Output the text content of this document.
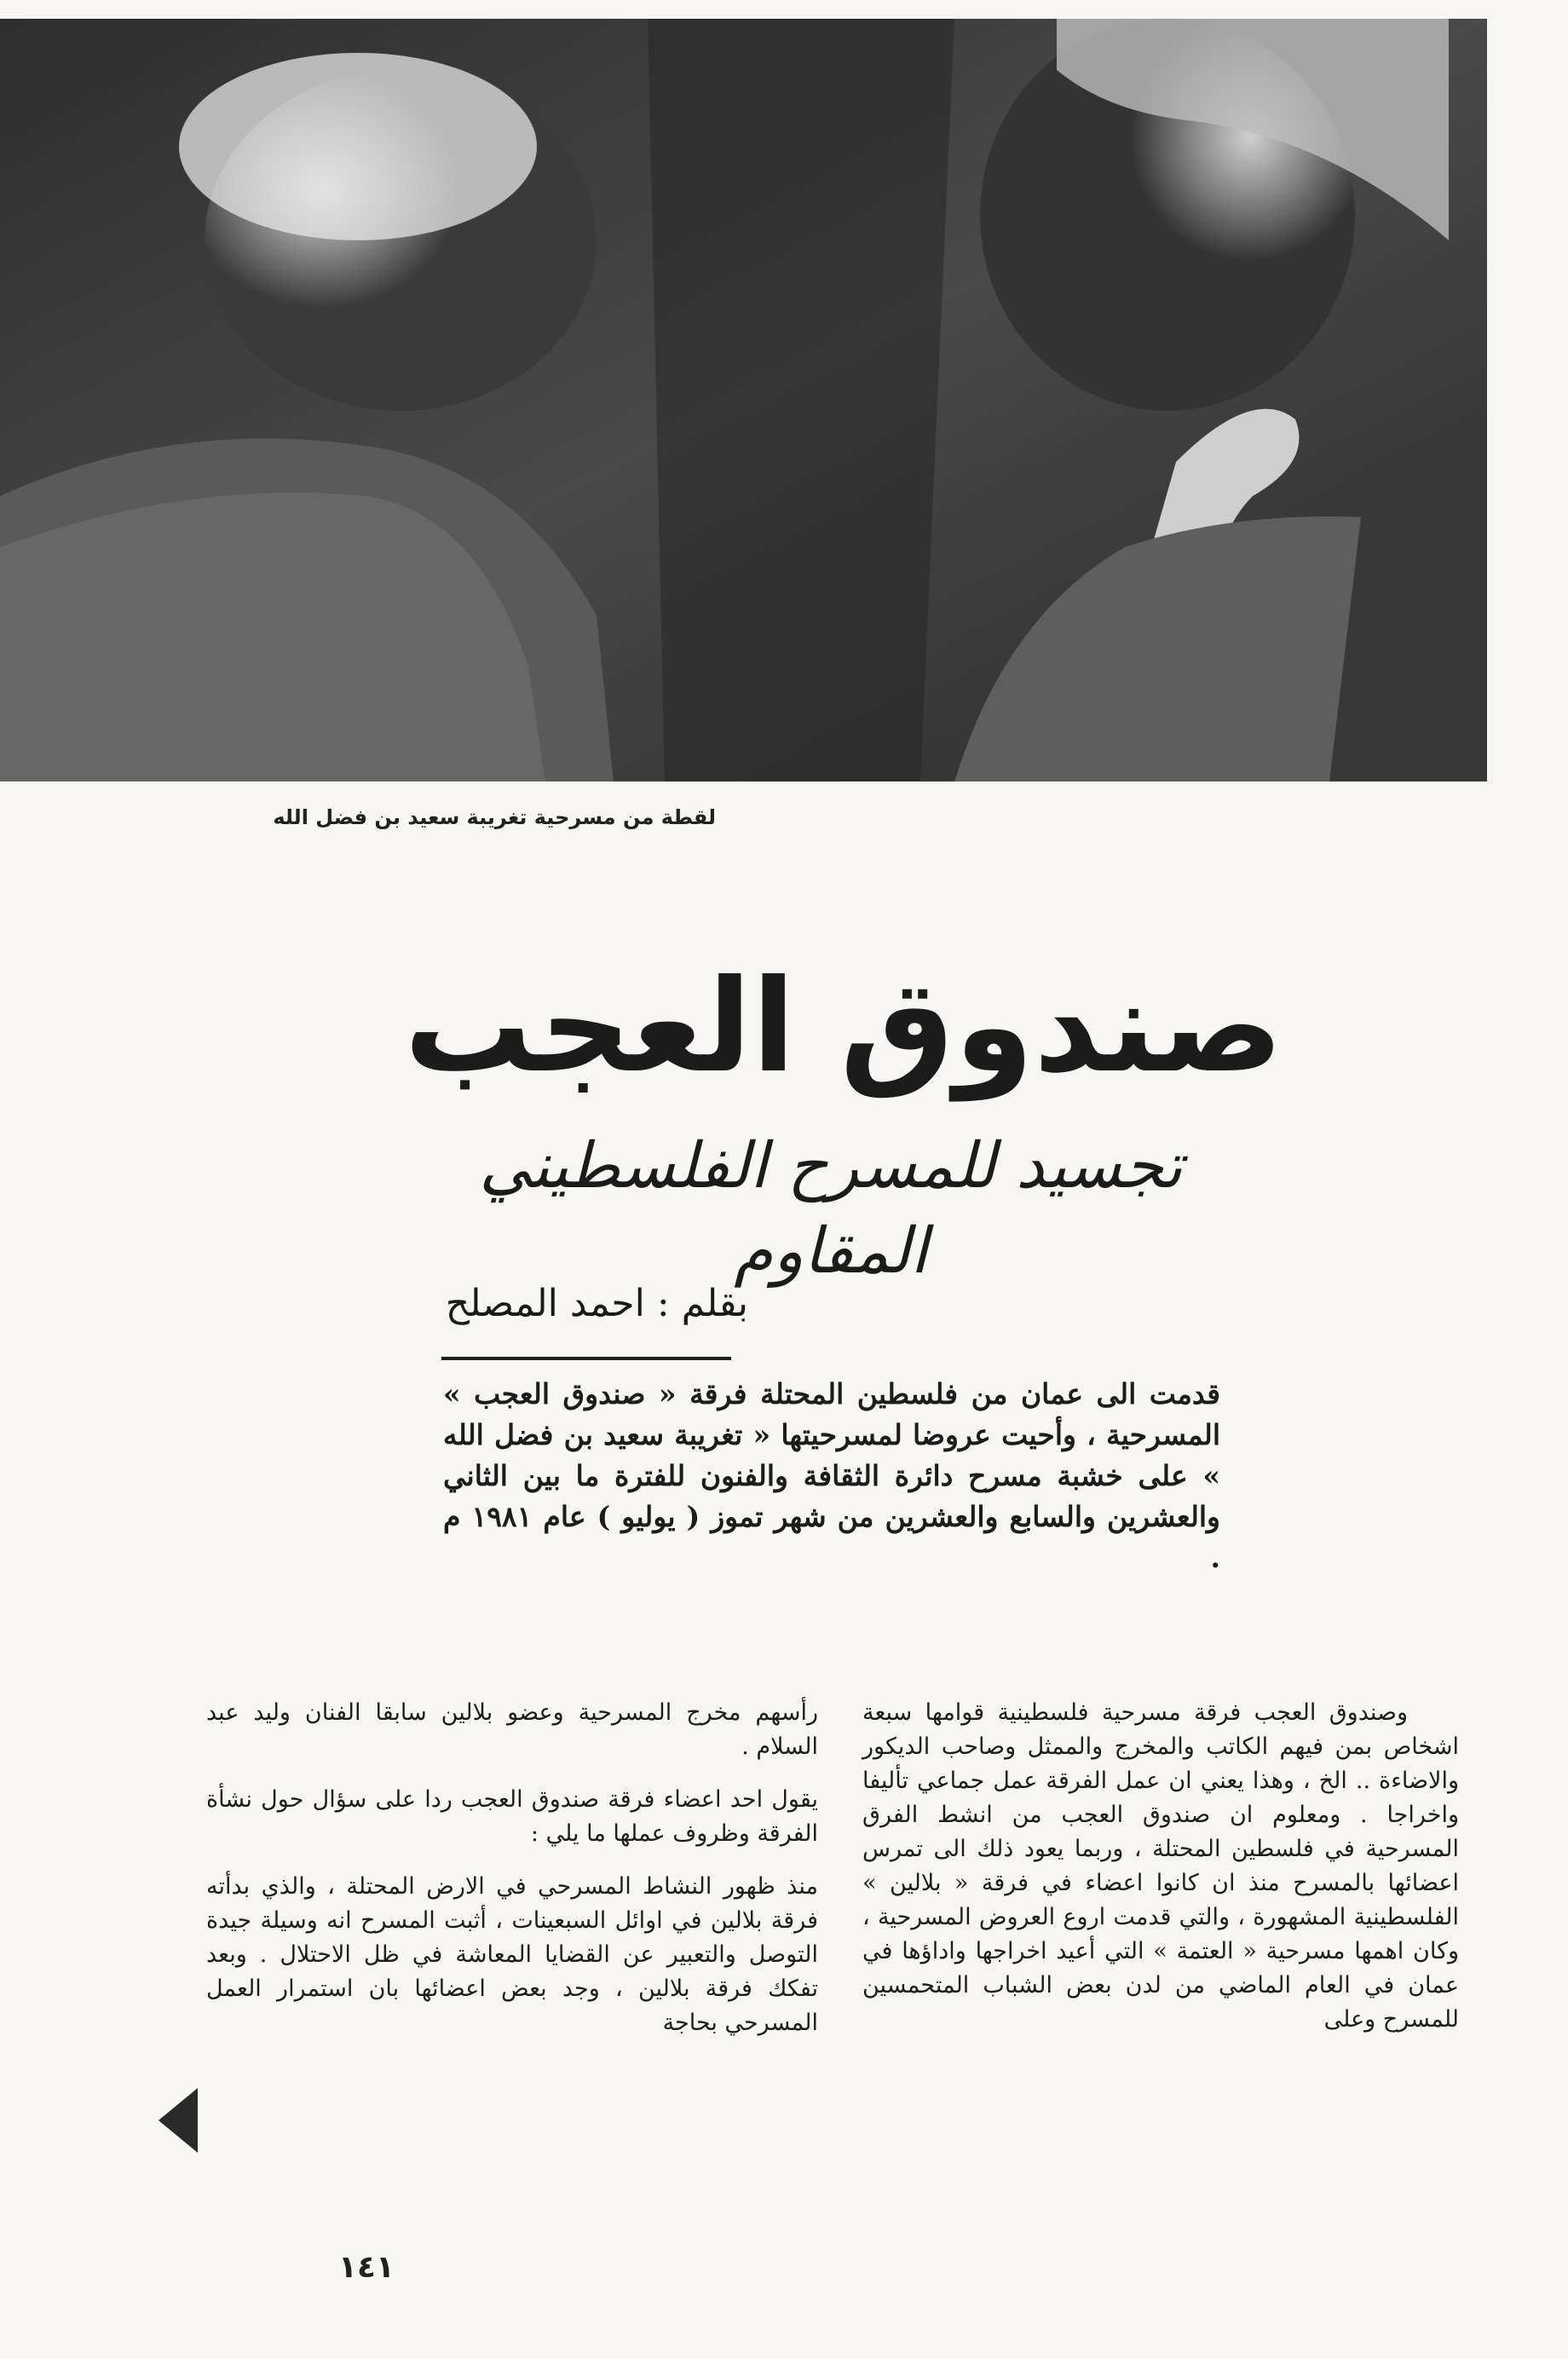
لقطة من مسرحية تغريبة سعيد بن فضل الله
صندوق العجب
تجسيد للمسرح الفلسطيني المقاوم
بقلم : احمد المصلح
قدمت الى عمان من فلسطين المحتلة فرقة « صندوق العجب » المسرحية ، وأحيت عروضا لمسرحيتها « تغريبة سعيد بن فضل الله » على خشبة مسرح دائرة الثقافة والفنون للفترة ما بين الثاني والعشرين والسابع والعشرين من شهر تموز ( يوليو ) عام ١٩٨١ م .

وصندوق العجب فرقة مسرحية فلسطينية قوامها سبعة اشخاص بمن فيهم الكاتب والمخرج والممثل وصاحب الديكور والاضاءة .. الخ ، وهذا يعني ان عمل الفرقة عمل جماعي تأليفا واخراجا . ومعلوم ان صندوق العجب من انشط الفرق المسرحية في فلسطين المحتلة ، وربما يعود ذلك الى تمرس اعضائها بالمسرح منذ ان كانوا اعضاء في فرقة « بلالين » الفلسطينية المشهورة ، والتي قدمت اروع العروض المسرحية ، وكان اهمها مسرحية « العتمة » التي أعيد اخراجها واداؤها في عمان في العام الماضي من لدن بعض الشباب المتحمسين للمسرح وعلى

رأسهم مخرج المسرحية وعضو بلالين سابقا الفنان وليد عبد السلام .

يقول احد اعضاء فرقة صندوق العجب ردا على سؤال حول نشأة الفرقة وظروف عملها ما يلي :

منذ ظهور النشاط المسرحي في الارض المحتلة ، والذي بدأته فرقة بلالين في اوائل السبعينات ، أثبت المسرح انه وسيلة جيدة التوصل والتعبير عن القضايا المعاشة في ظل الاحتلال . وبعد تفكك فرقة بلالين ، وجد بعض اعضائها بان استمرار العمل المسرحي بحاجة

١٤١
